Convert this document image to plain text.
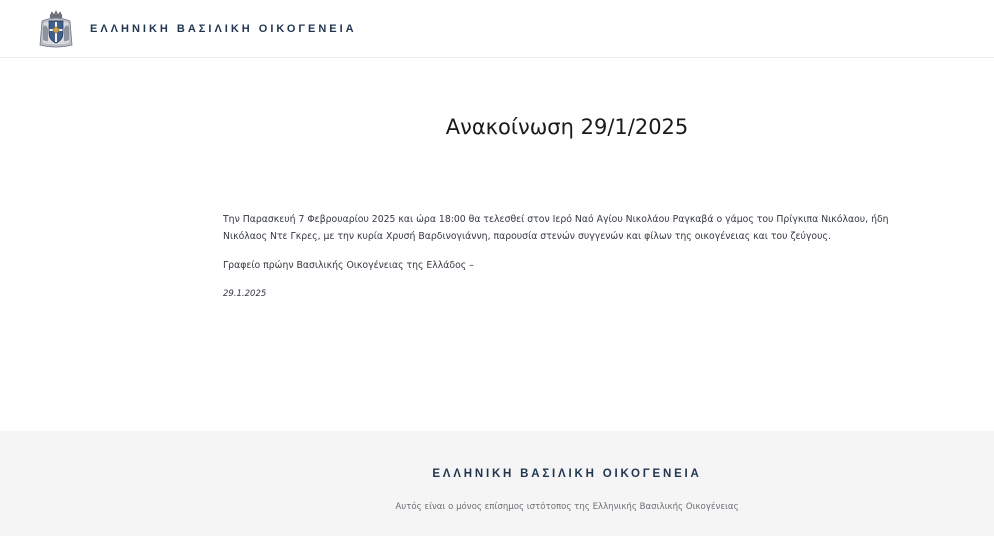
ΕΛΛΗΝΙΚΗ ΒΑΣΙΛΙΚΗ ΟΙΚΟΓΕΝΕΙΑ
Ανακοίνωση 29/1/2025

Την Παρασκευή 7 Φεβρουαρίου 2025 και ώρα 18:00 θα τελεσθεί στον Ιερό Ναό Αγίου Νικολάου Ραγκαβά ο γάμος του Πρίγκιπα Νικόλαου, ήδη Νικόλαος Ντε Γκρες, με την κυρία Χρυσή Βαρδινογιάννη, παρουσία στενών συγγενών και φίλων της οικογένειας και του ζεύγους.

Γραφείο πρώην Βασιλικής Οικογένειας της Ελλάδος –

29.1.2025

ΕΛΛΗΝΙΚΗ ΒΑΣΙΛΙΚΗ ΟΙΚΟΓΕΝΕΙΑ
Αυτός είναι ο μόνος επίσημος ιστότοπος της Ελληνικής Βασιλικής Οικογένειας
